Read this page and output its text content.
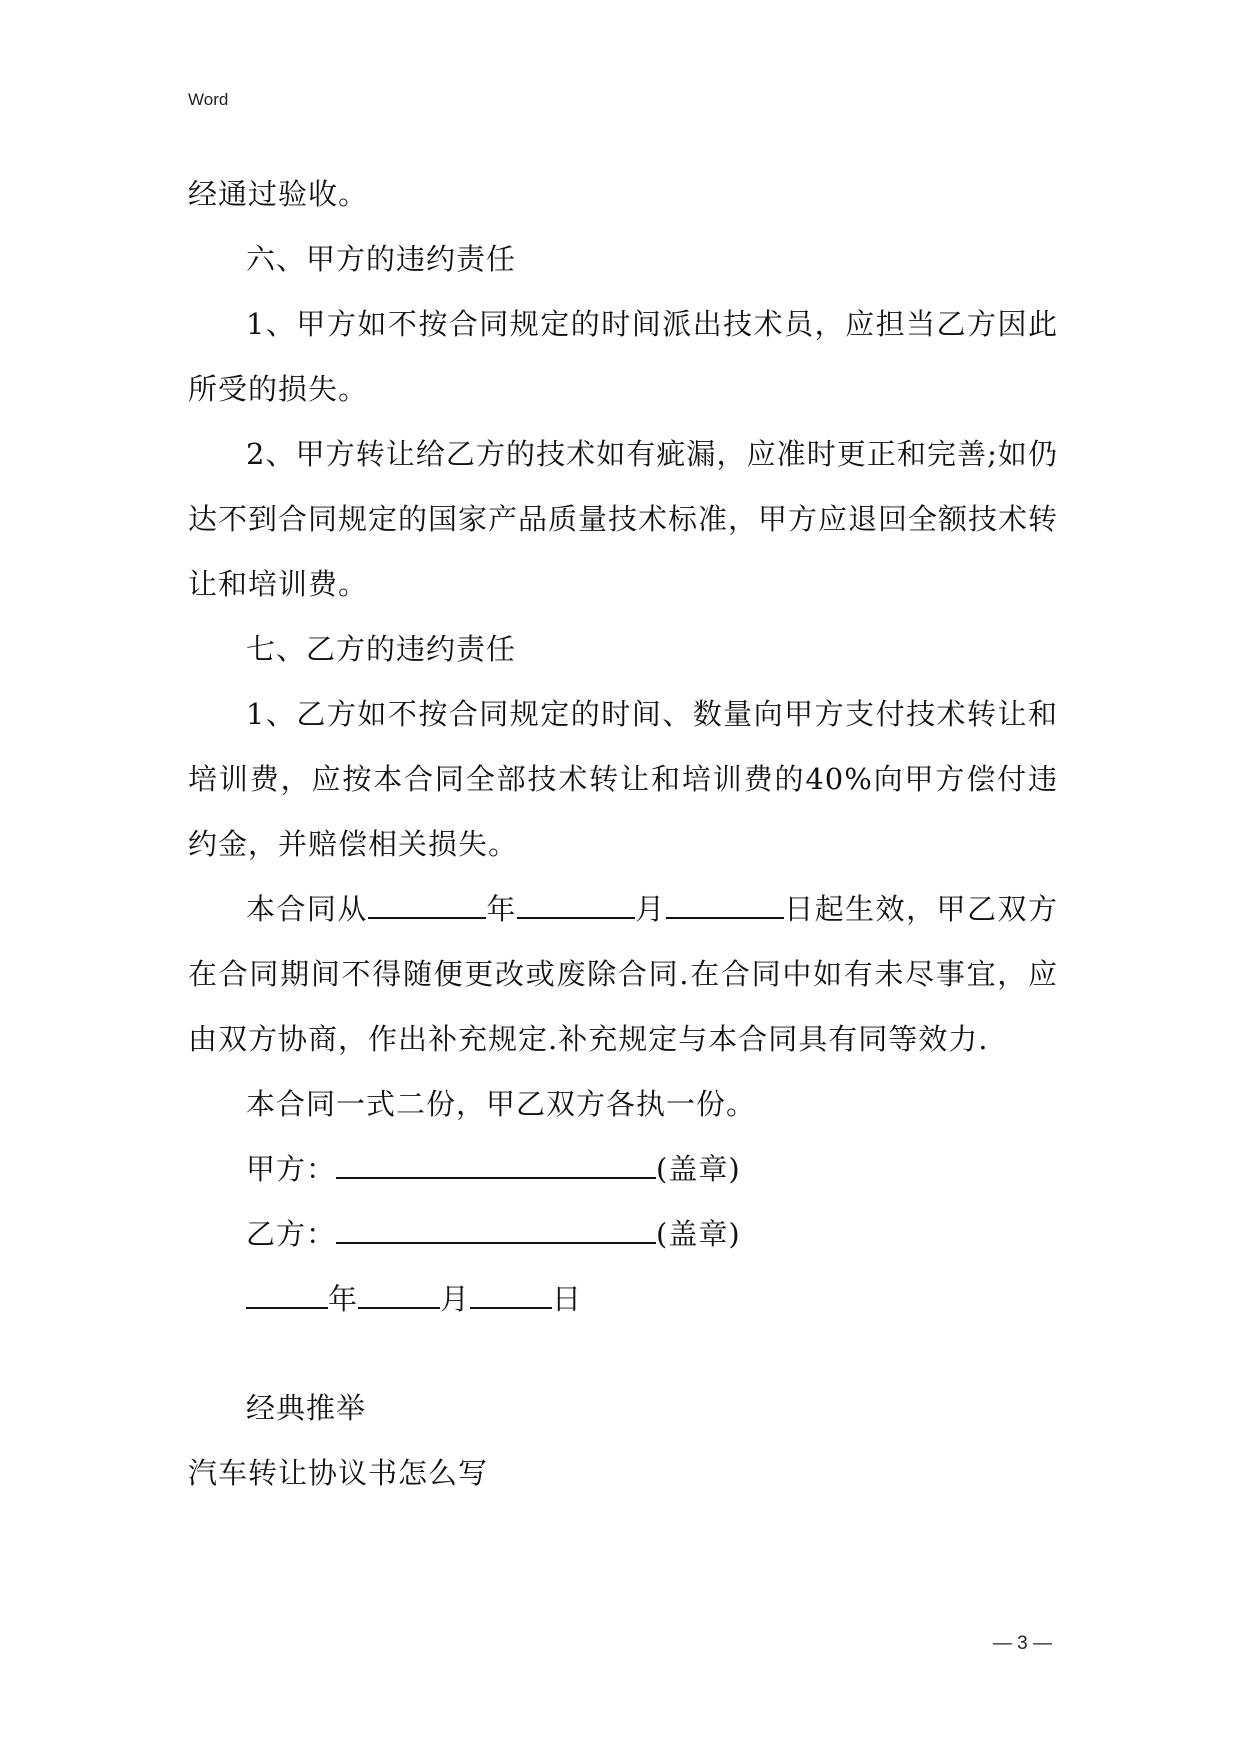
Word

经通过验收。

六、甲方的违约责任

1、甲方如不按合同规定的时间派出技术员，应担当乙方因此所受的损失。

2、甲方转让给乙方的技术如有疵漏，应准时更正和完善;如仍达不到合同规定的国家产品质量技术标准，甲方应退回全额技术转让和培训费。

七、乙方的违约责任

1、乙方如不按合同规定的时间、数量向甲方支付技术转让和培训费，应按本合同全部技术转让和培训费的40%向甲方偿付违约金，并赔偿相关损失。

本合同从	年	月	日起生效，甲乙双方在合同期间不得随便更改或废除合同.在合同中如有未尽事宜，应由双方协商，作出补充规定.补充规定与本合同具有同等效力.

本合同一式二份，甲乙双方各执一份。

甲方：	(盖章)

乙方：	(盖章)

年	月	日

经典推举

汽车转让协议书怎么写

— 3 —
